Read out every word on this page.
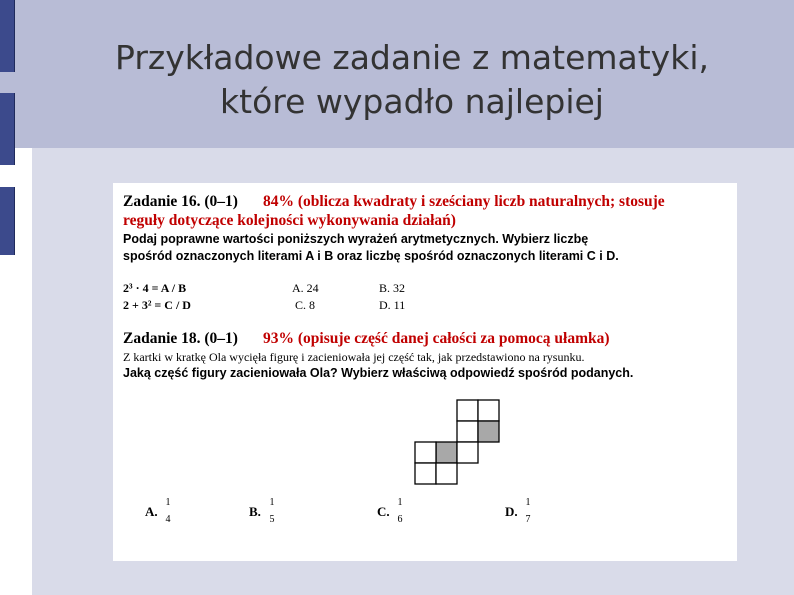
Przykładowe zadanie z matematyki,
które wypadło najlepiej
Zadanie 16. (0–1) 84% (oblicza kwadraty i sześciany liczb naturalnych; stosuje
reguły dotyczące kolejności wykonywania działań)
Podaj poprawne wartości poniższych wyrażeń arytmetycznych. Wybierz liczbę
spośród oznaczonych literami A i B oraz liczbę spośród oznaczonych literami C i D.
2³ · 4 = A / B
2 + 3² = C / D
A. 24	B. 32
C. 8	D. 11
Zadanie 18. (0–1) 93% (opisuje część danej całości za pomocą ułamka)
Z kartki w kratkę Ola wycięła figurę i zacieniowała jej część tak, jak przedstawiono na rysunku.
Jaką część figury zacieniowała Ola? Wybierz właściwą odpowiedź spośród podanych.
A.
1
4
B.
1
5
C.
1
6
D.
1
7
